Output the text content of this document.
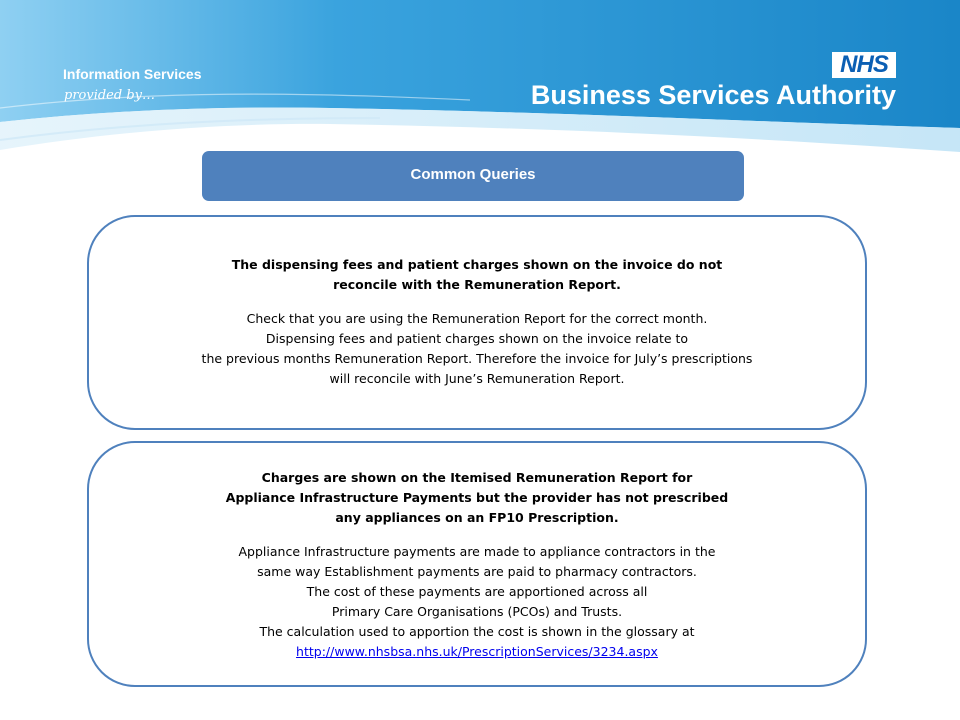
Information Services
provided by…
NHS
Business Services Authority
Common Queries
The dispensing fees and patient charges shown on the invoice do not
reconcile with the Remuneration Report.
Check that you are using the Remuneration Report for the correct month.
Dispensing fees and patient charges shown on the invoice relate to
the previous months Remuneration Report. Therefore the invoice for July’s prescriptions
will reconcile with June’s Remuneration Report.
Charges are shown on the Itemised Remuneration Report for
Appliance Infrastructure Payments but the provider has not prescribed
any appliances on an FP10 Prescription.
Appliance Infrastructure payments are made to appliance contractors in the
same way Establishment payments are paid to pharmacy contractors.
The cost of these payments are apportioned across all
Primary Care Organisations (PCOs) and Trusts.
The calculation used to apportion the cost is shown in the glossary at
http://www.nhsbsa.nhs.uk/PrescriptionServices/3234.aspx
